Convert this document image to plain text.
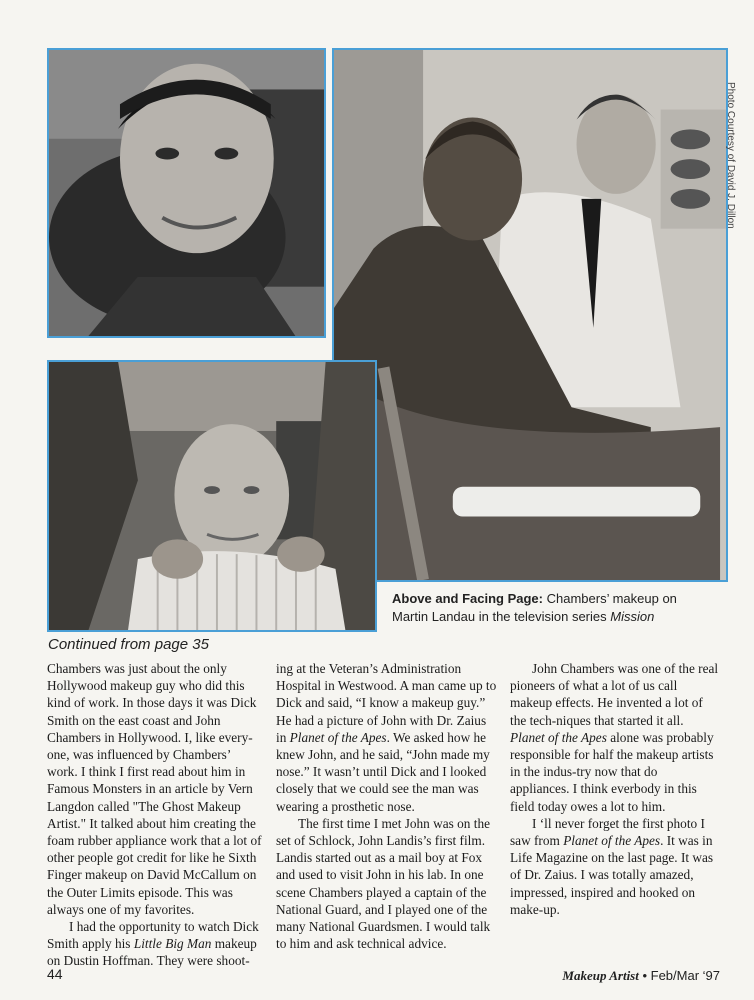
Photo Courtesy of David J. Dillon
Above and Facing Page: Chambers’ makeup on Martin Landau in the television series Mission
Continued from page 35

Chambers was just about the only Hollywood makeup guy who did this kind of work. In those days it was Dick Smith on the east coast and John Chambers in Hollywood. I, like every-one, was influenced by Chambers’ work. I think I first read about him in Famous Monsters in an article by Vern Langdon called "The Ghost Makeup Artist." It talked about him creating the foam rubber appliance work that a lot of other people got credit for like he Sixth Finger makeup on David McCallum on the Outer Limits episode. This was always one of my favorites.

I had the opportunity to watch Dick Smith apply his Little Big Man makeup on Dustin Hoffman. They were shoot-

ing at the Veteran’s Administration Hospital in Westwood. A man came up to Dick and said, “I know a makeup guy.” He had a picture of John with Dr. Zaius in Planet of the Apes. We asked how he knew John, and he said, “John made my nose.” It wasn’t until Dick and I looked closely that we could see the man was wearing a prosthetic nose.

The first time I met John was on the set of Schlock, John Landis’s first film. Landis started out as a mail boy at Fox and used to visit John in his lab. In one scene Chambers played a captain of the National Guard, and I played one of the many National Guardsmen. I would talk to him and ask technical advice.

John Chambers was one of the real pioneers of what a lot of us call makeup effects. He invented a lot of the tech-niques that started it all. Planet of the Apes alone was probably responsible for half the makeup artists in the indus-try now that do appliances. I think everbody in this field today owes a lot to him.

I ‘ll never forget the first photo I saw from Planet of the Apes. It was in Life Magazine on the last page. It was of Dr. Zaius. I was totally amazed, impressed, inspired and hooked on make-up.

44	Makeup Artist • Feb/Mar ‘97
